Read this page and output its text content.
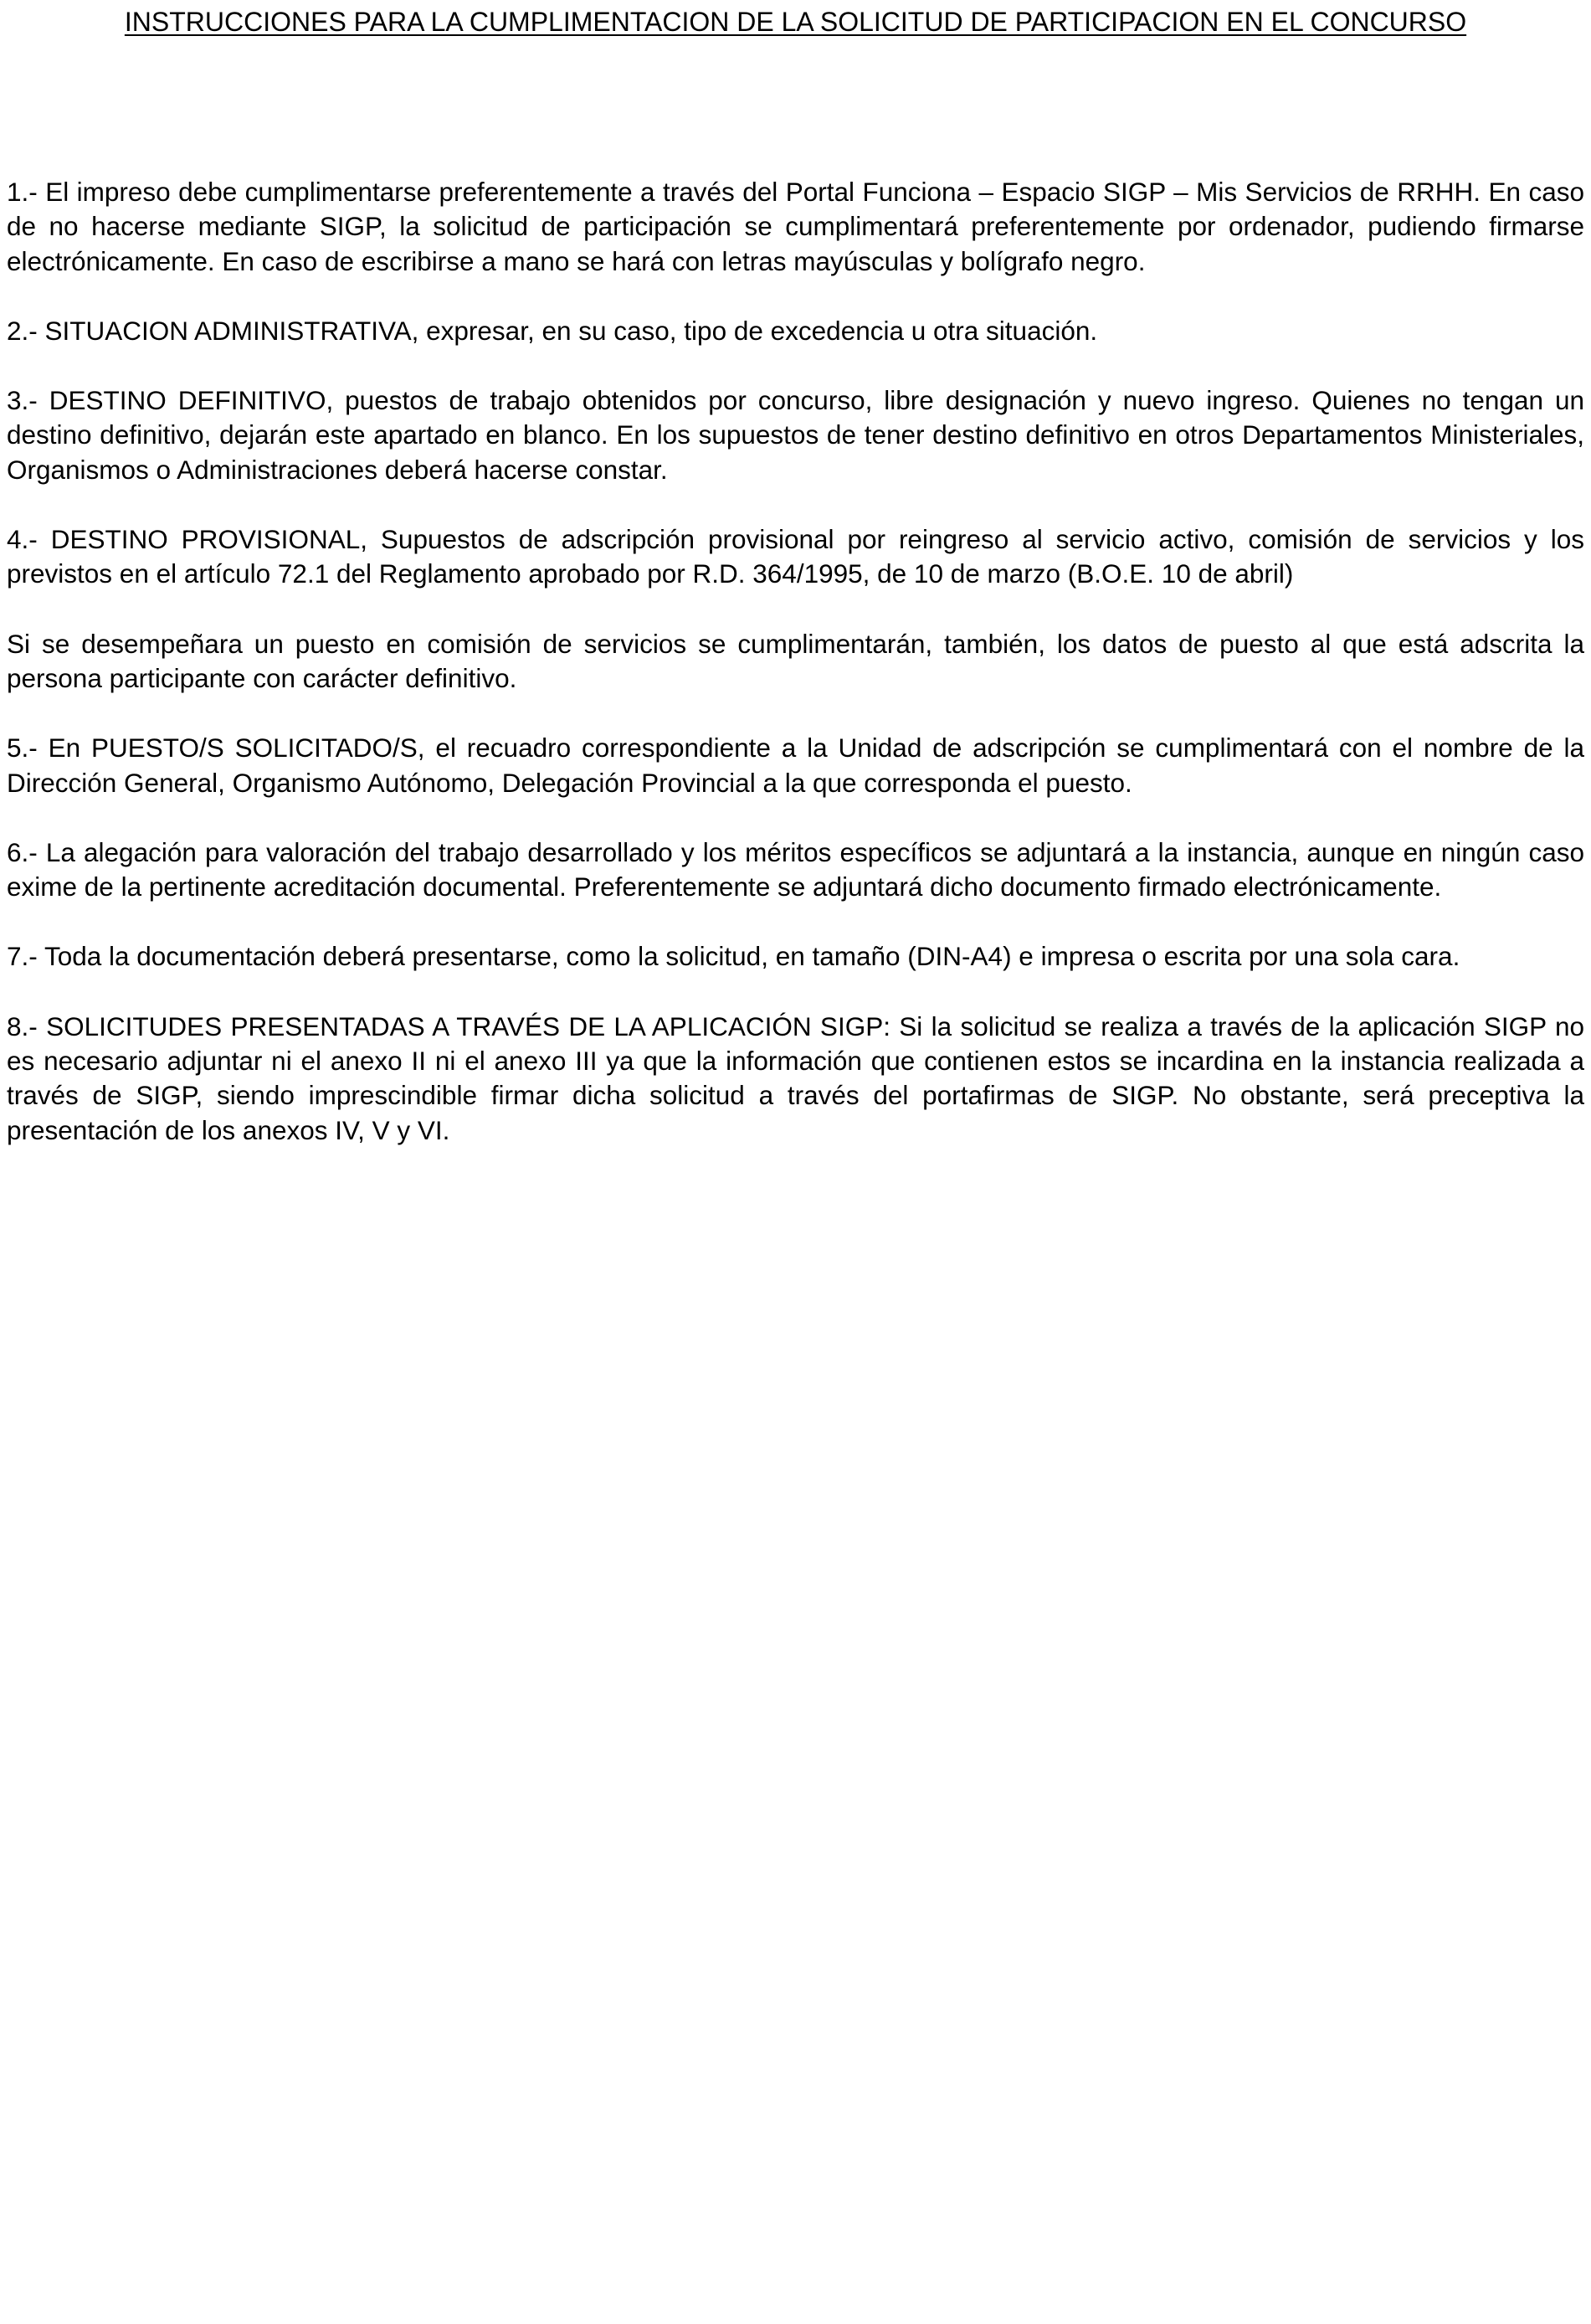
INSTRUCCIONES PARA LA CUMPLIMENTACION DE LA SOLICITUD DE PARTICIPACION EN EL CONCURSO

1.- El impreso debe cumplimentarse preferentemente a través del Portal Funciona – Espacio SIGP – Mis Servicios de RRHH. En caso de no hacerse mediante SIGP, la solicitud de participación se cumplimentará preferentemente por ordenador, pudiendo firmarse electrónicamente. En caso de escribirse a mano se hará con letras mayúsculas y bolígrafo negro.

2.- SITUACION ADMINISTRATIVA, expresar, en su caso, tipo de excedencia u otra situación.

3.- DESTINO DEFINITIVO, puestos de trabajo obtenidos por concurso, libre designación y nuevo ingreso. Quienes no tengan un destino definitivo, dejarán este apartado en blanco. En los supuestos de tener destino definitivo en otros Departamentos Ministeriales, Organismos o Administraciones deberá hacerse constar.

4.- DESTINO PROVISIONAL, Supuestos de adscripción provisional por reingreso al servicio activo, comisión de servicios y los previstos en el artículo 72.1 del Reglamento aprobado por R.D. 364/1995, de 10 de marzo (B.O.E. 10 de abril)

Si se desempeñara un puesto en comisión de servicios se cumplimentarán, también, los datos de puesto al que está adscrita la persona participante con carácter definitivo.

5.- En PUESTO/S SOLICITADO/S, el recuadro correspondiente a la Unidad de adscripción se cumplimentará con el nombre de la Dirección General, Organismo Autónomo, Delegación Provincial a la que corresponda el puesto.

6.- La alegación para valoración del trabajo desarrollado y los méritos específicos se adjuntará a la instancia, aunque en ningún caso exime de la pertinente acreditación documental. Preferentemente se adjuntará dicho documento firmado electrónicamente.

7.- Toda la documentación deberá presentarse, como la solicitud, en tamaño (DIN-A4) e impresa o escrita por una sola cara.

8.- SOLICITUDES PRESENTADAS A TRAVÉS DE LA APLICACIÓN SIGP: Si la solicitud se realiza a través de la aplicación SIGP no es necesario adjuntar ni el anexo II ni el anexo III ya que la información que contienen estos se incardina en la instancia realizada a través de SIGP, siendo imprescindible firmar dicha solicitud a través del portafirmas de SIGP. No obstante, será preceptiva la presentación de los anexos IV, V y VI.
